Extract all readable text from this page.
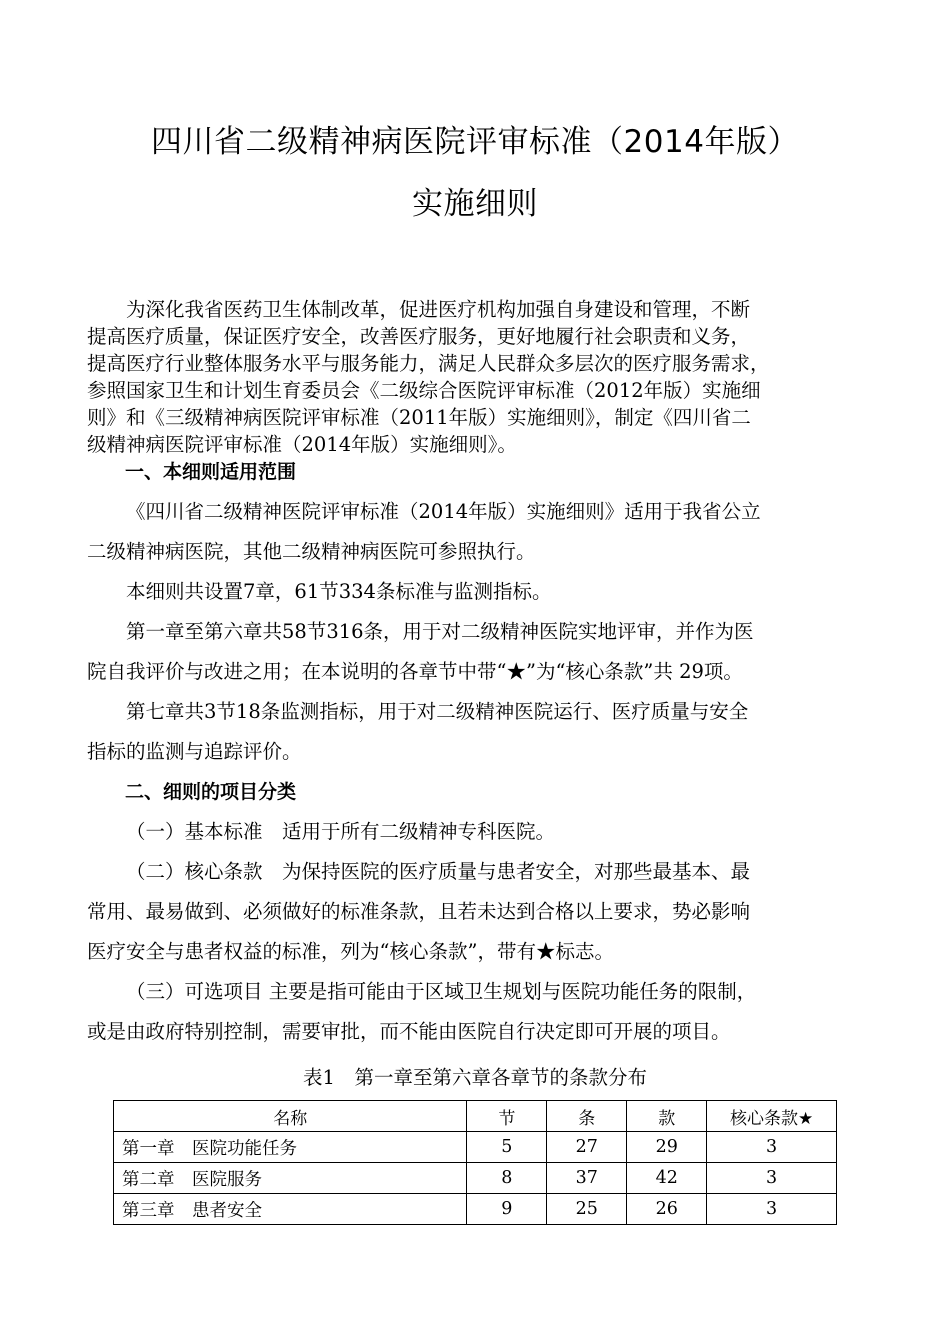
四川省二级精神病医院评审标准（2014年版）
实施细则

为深化我省医药卫生体制改革，促进医疗机构加强自身建设和管理，不断

提高医疗质量，保证医疗安全，改善医疗服务，更好地履行社会职责和义务，

提高医疗行业整体服务水平与服务能力，满足人民群众多层次的医疗服务需求，

参照国家卫生和计划生育委员会《二级综合医院评审标准（2012年版）实施细

则》和《三级精神病医院评审标准（2011年版）实施细则》，制定《四川省二

级精神病医院评审标准（2014年版）实施细则》。

一、本细则适用范围

《四川省二级精神医院评审标准（2014年版）实施细则》适用于我省公立

二级精神病医院，其他二级精神病医院可参照执行。

本细则共设置7章，61节334条标准与监测指标。

第一章至第六章共58节316条，用于对二级精神医院实地评审，并作为医

院自我评价与改进之用；在本说明的各章节中带“★”为“核心条款”共 29项。

第七章共3节18条监测指标，用于对二级精神医院运行、医疗质量与安全

指标的监测与追踪评价。

二、细则的项目分类

（一）基本标准　适用于所有二级精神专科医院。

（二）核心条款　为保持医院的医疗质量与患者安全，对那些最基本、最

常用、最易做到、必须做好的标准条款，且若未达到合格以上要求，势必影响

医疗安全与患者权益的标准，列为“核心条款”，带有★标志。

（三）可选项目 主要是指可能由于区域卫生规划与医院功能任务的限制，

或是由政府特别控制，需要审批，而不能由医院自行决定即可开展的项目。

表1　第一章至第六章各章节的条款分布
名称	节	条	款	核心条款★
第一章　医院功能任务	5	27	29	3
第二章　医院服务	8	37	42	3
第三章　患者安全	9	25	26	3
